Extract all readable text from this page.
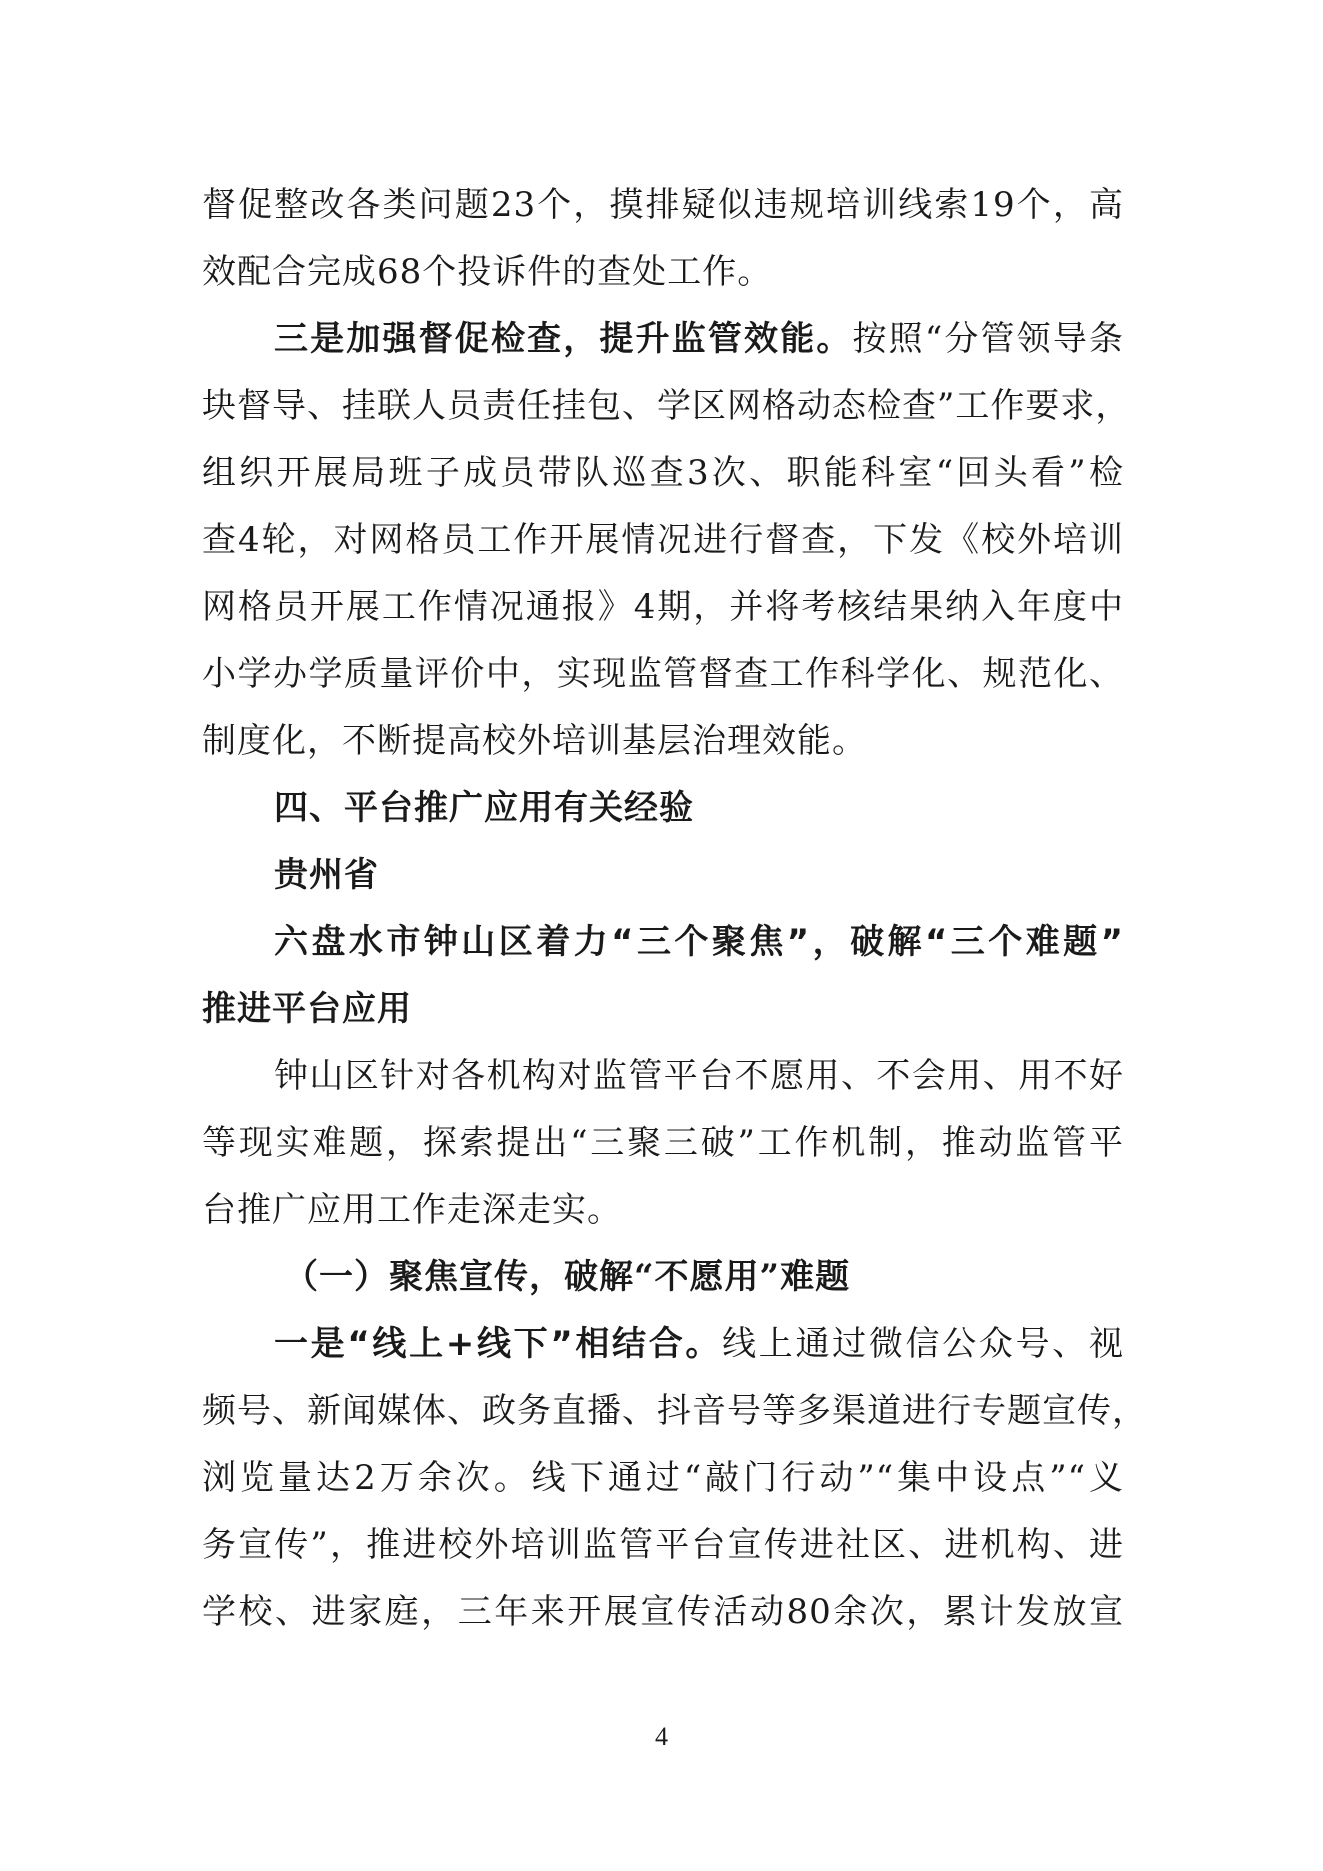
督促整改各类问题23个，摸排疑似违规培训线索19个，高
效配合完成68个投诉件的查处工作。
三是加强督促检查，提升监管效能。按照“分管领导条
块督导、挂联人员责任挂包、学区网格动态检查”工作要求，
组织开展局班子成员带队巡查3次、职能科室“回头看”检
查4轮，对网格员工作开展情况进行督查，下发《校外培训
网格员开展工作情况通报》4期，并将考核结果纳入年度中
小学办学质量评价中，实现监管督查工作科学化、规范化、
制度化，不断提高校外培训基层治理效能。
四、平台推广应用有关经验
贵州省
六盘水市钟山区着力“三个聚焦”，破解“三个难题”
推进平台应用
钟山区针对各机构对监管平台不愿用、不会用、用不好
等现实难题，探索提出“三聚三破”工作机制，推动监管平
台推广应用工作走深走实。
（一）聚焦宣传，破解“不愿用”难题
一是“线上+线下”相结合。线上通过微信公众号、视
频号、新闻媒体、政务直播、抖音号等多渠道进行专题宣传，
浏览量达2万余次。线下通过“敲门行动”“集中设点”“义
务宣传”，推进校外培训监管平台宣传进社区、进机构、进
学校、进家庭，三年来开展宣传活动80余次，累计发放宣
4
